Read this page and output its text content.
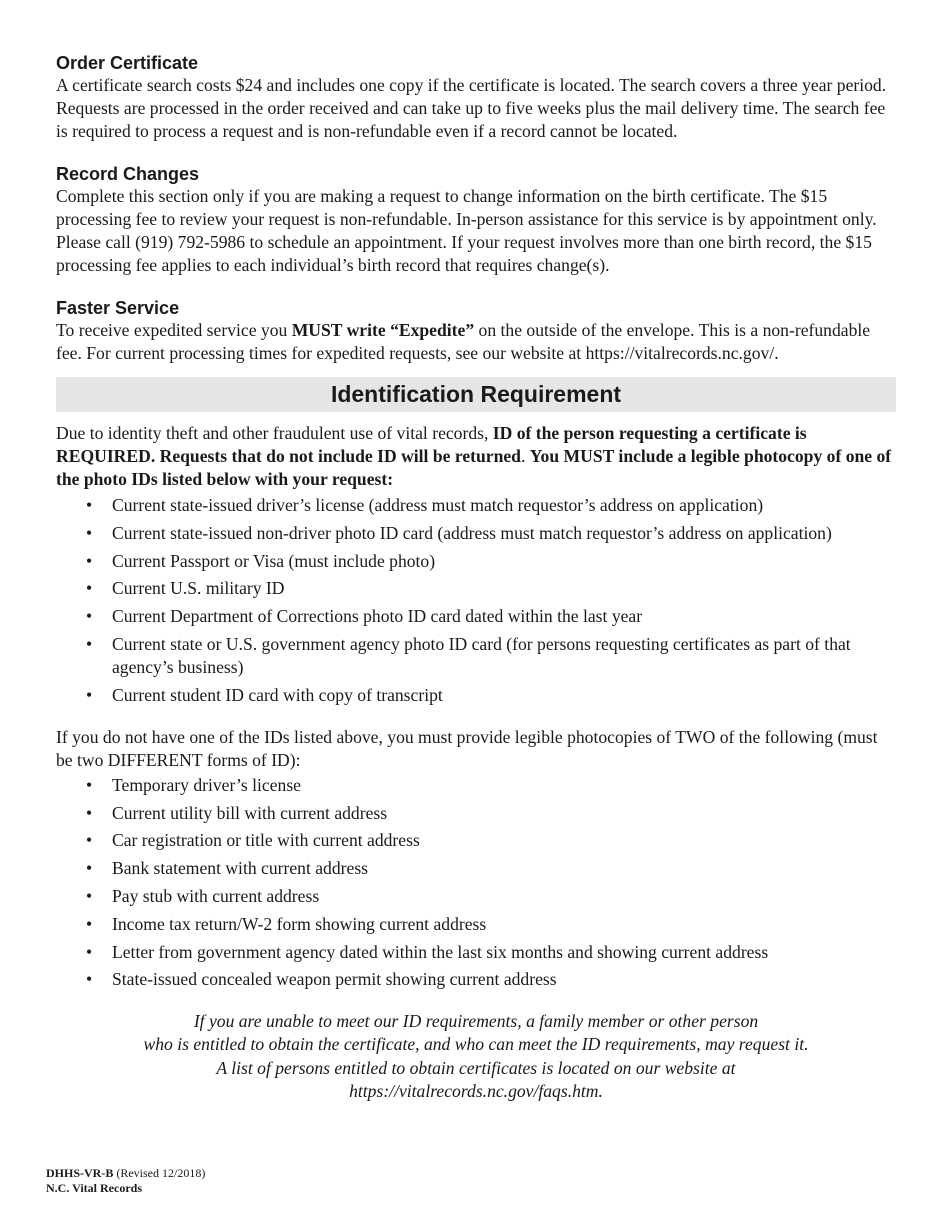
Order Certificate

A certificate search costs $24 and includes one copy if the certificate is located. The search covers a three year period. Requests are processed in the order received and can take up to five weeks plus the mail delivery time. The search fee is required to process a request and is non-refundable even if a record cannot be located.

Record Changes

Complete this section only if you are making a request to change information on the birth certificate. The $15 processing fee to review your request is non-refundable. In-person assistance for this service is by appointment only. Please call (919) 792-5986 to schedule an appointment. If your request involves more than one birth record, the $15 processing fee applies to each individual’s birth record that requires change(s).

Faster Service

To receive expedited service you MUST write “Expedite” on the outside of the envelope. This is a non-refundable fee. For current processing times for expedited requests, see our website at https://vitalrecords.nc.gov/.

Identification Requirement

Due to identity theft and other fraudulent use of vital records, ID of the person requesting a certificate is REQUIRED. Requests that do not include ID will be returned. You MUST include a legible photocopy of one of the photo IDs listed below with your request:

• Current state-issued driver’s license (address must match requestor’s address on application)
• Current state-issued non-driver photo ID card (address must match requestor’s address on application)
• Current Passport or Visa (must include photo)
• Current U.S. military ID
• Current Department of Corrections photo ID card dated within the last year
• Current state or U.S. government agency photo ID card (for persons requesting certificates as part of that agency’s business)
• Current student ID card with copy of transcript

If you do not have one of the IDs listed above, you must provide legible photocopies of TWO of the following (must be two DIFFERENT forms of ID):

• Temporary driver’s license
• Current utility bill with current address
• Car registration or title with current address
• Bank statement with current address
• Pay stub with current address
• Income tax return/W-2 form showing current address
• Letter from government agency dated within the last six months and showing current address
• State-issued concealed weapon permit showing current address
If you are unable to meet our ID requirements, a family member or other person
who is entitled to obtain the certificate, and who can meet the ID requirements, may request it.
A list of persons entitled to obtain certificates is located on our website at
https://vitalrecords.nc.gov/faqs.htm.
DHHS-VR-B (Revised 12/2018)
N.C. Vital Records
